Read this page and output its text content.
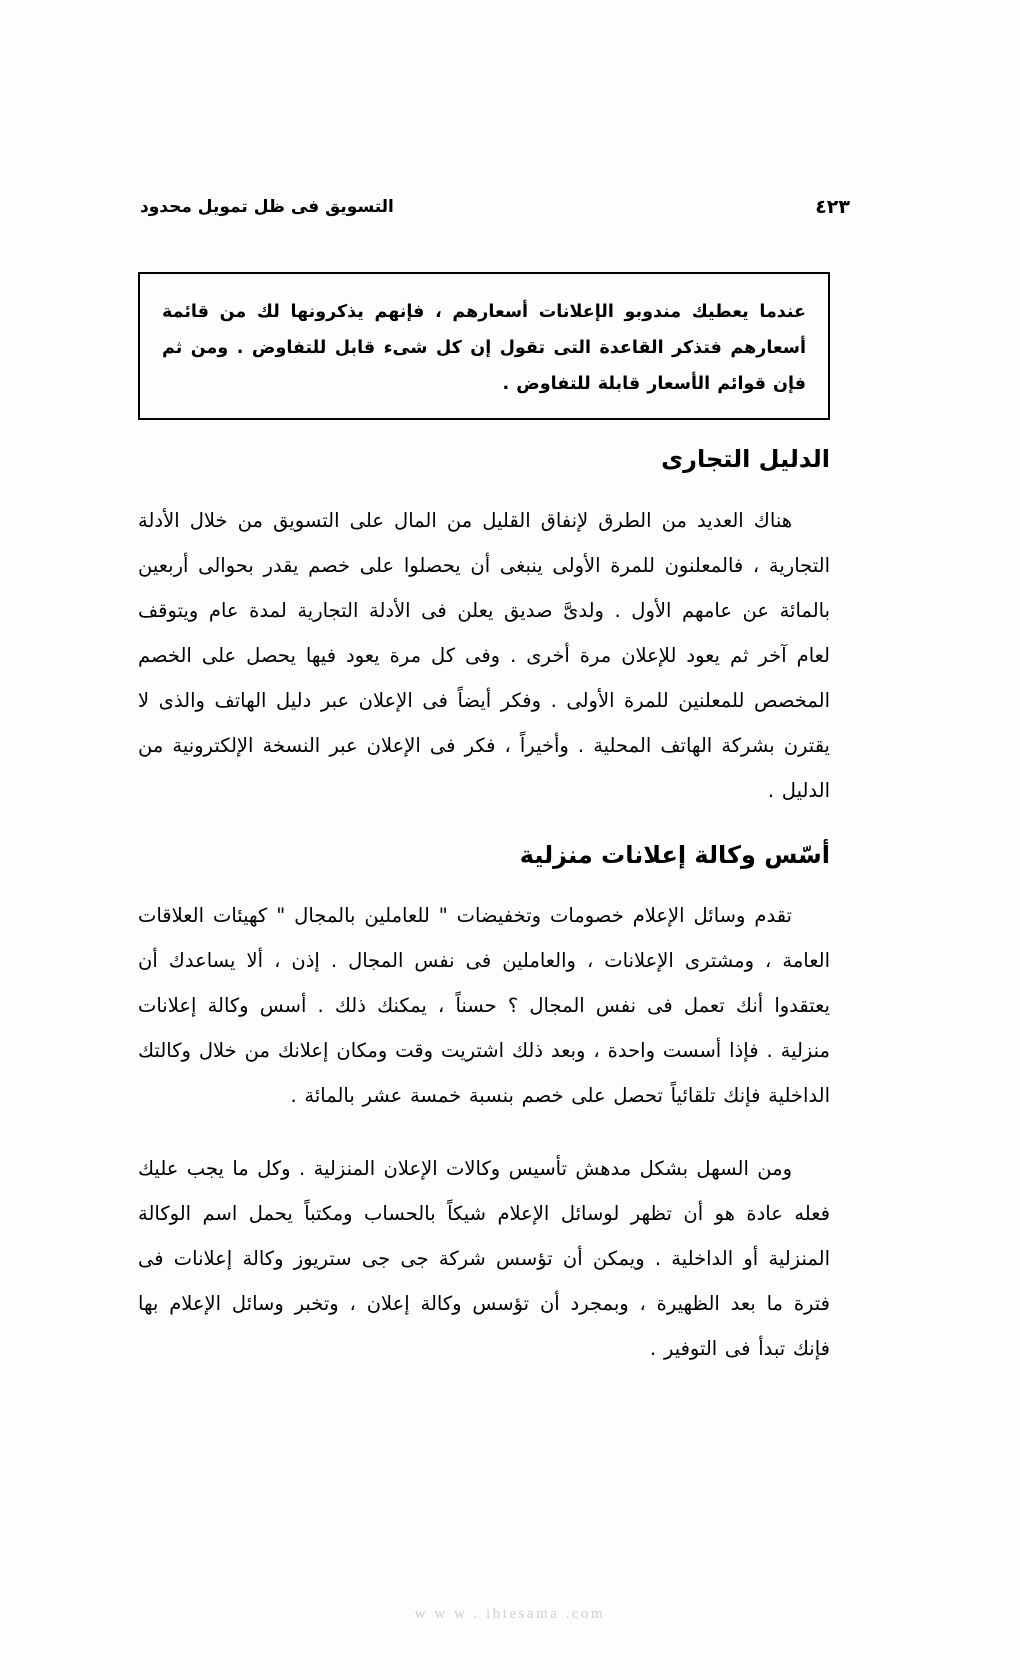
التسويق فى ظل تمويل محدود	٤٢٣

عندما يعطيك مندوبو الإعلانات أسعارهم ، فإنهم يذكرونها لك من قائمة أسعارهم فتذكر القاعدة التى تقول إن كل شىء قابل للتفاوض . ومن ثم فإن قوائم الأسعار قابلة للتفاوض .

الدليل التجارى

هناك العديد من الطرق لإنفاق القليل من المال على التسويق من خلال الأدلة التجارية ، فالمعلنون للمرة الأولى ينبغى أن يحصلوا على خصم يقدر بحوالى أربعين بالمائة عن عامهم الأول . ولدىَّ صديق يعلن فى الأدلة التجارية لمدة عام ويتوقف لعام آخر ثم يعود للإعلان مرة أخرى . وفى كل مرة يعود فيها يحصل على الخصم المخصص للمعلنين للمرة الأولى . وفكر أيضاً فى الإعلان عبر دليل الهاتف والذى لا يقترن بشركة الهاتف المحلية . وأخيراً ، فكر فى الإعلان عبر النسخة الإلكترونية من الدليل .

أسّس وكالة إعلانات منزلية

تقدم وسائل الإعلام خصومات وتخفيضات " للعاملين بالمجال " كهيئات العلاقات العامة ، ومشترى الإعلانات ، والعاملين فى نفس المجال . إذن ، ألا يساعدك أن يعتقدوا أنك تعمل فى نفس المجال ؟ حسناً ، يمكنك ذلك . أسس وكالة إعلانات منزلية . فإذا أسست واحدة ، وبعد ذلك اشتريت وقت ومكان إعلانك من خلال وكالتك الداخلية فإنك تلقائياً تحصل على خصم بنسبة خمسة عشر بالمائة .

ومن السهل بشكل مدهش تأسيس وكالات الإعلان المنزلية . وكل ما يجب عليك فعله عادة هو أن تظهر لوسائل الإعلام شيكاً بالحساب ومكتباً يحمل اسم الوكالة المنزلية أو الداخلية . ويمكن أن تؤسس شركة جى جى ستريوز وكالة إعلانات فى فترة ما بعد الظهيرة ، وبمجرد أن تؤسس وكالة إعلان ، وتخبر وسائل الإعلام بها فإنك تبدأ فى التوفير .

w w w . ibtesama .com
